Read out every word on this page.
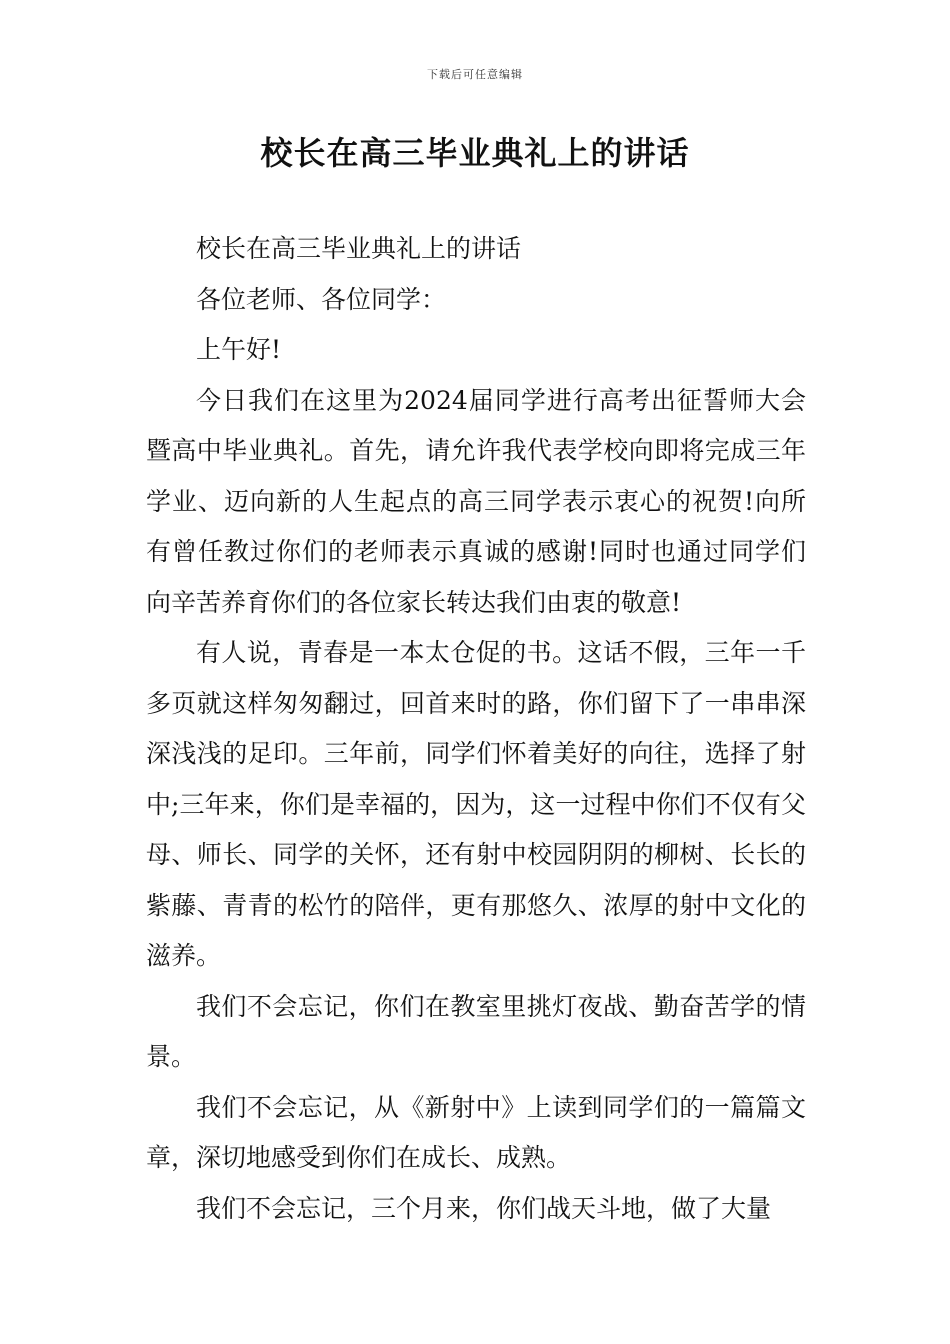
下载后可任意编辑
校长在高三毕业典礼上的讲话

校长在高三毕业典礼上的讲话

各位老师、各位同学：

上午好!

今日我们在这里为2024届同学进行高考出征誓师大会暨高中毕业典礼。首先，请允许我代表学校向即将完成三年学业、迈向新的人生起点的高三同学表示衷心的祝贺!向所有曾任教过你们的老师表示真诚的感谢!同时也通过同学们向辛苦养育你们的各位家长转达我们由衷的敬意!

有人说，青春是一本太仓促的书。这话不假，三年一千多页就这样匆匆翻过，回首来时的路，你们留下了一串串深深浅浅的足印。三年前，同学们怀着美好的向往，选择了射中;三年来，你们是幸福的，因为，这一过程中你们不仅有父母、师长、同学的关怀，还有射中校园阴阴的柳树、长长的紫藤、青青的松竹的陪伴，更有那悠久、浓厚的射中文化的滋养。

我们不会忘记，你们在教室里挑灯夜战、勤奋苦学的情景。

我们不会忘记，从《新射中》上读到同学们的一篇篇文章，深切地感受到你们在成长、成熟。

我们不会忘记，三个月来，你们战天斗地，做了大量
